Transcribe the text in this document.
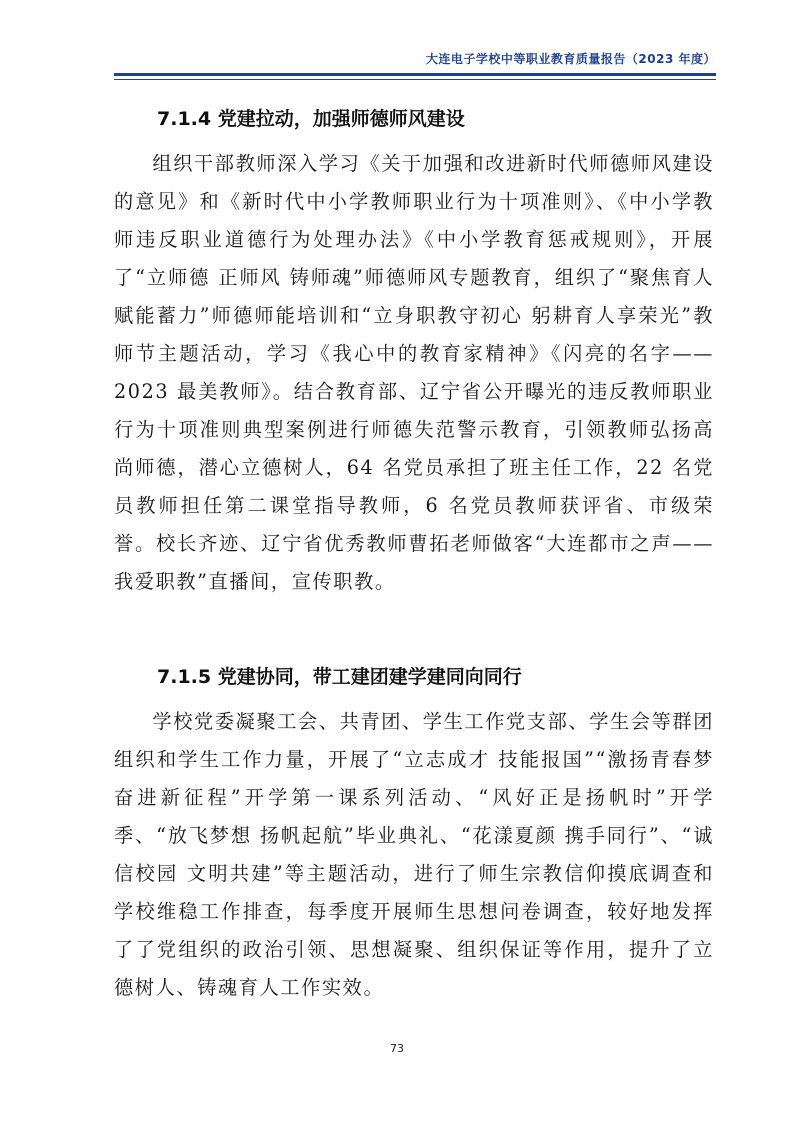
大连电子学校中等职业教育质量报告（2023 年度）
7.1.4 党建拉动，加强师德师风建设

组织干部教师深入学习《关于加强和改进新时代师德师风建设的意见》和《新时代中小学教师职业行为十项准则》、《中小学教师违反职业道德行为处理办法》《中小学教育惩戒规则》，开展了“立师德 正师风 铸师魂”师德师风专题教育，组织了“聚焦育人 赋能蓄力”师德师能培训和“立身职教守初心 躬耕育人享荣光”教师节主题活动，学习《我心中的教育家精神》《闪亮的名字——2023 最美教师》。结合教育部、辽宁省公开曝光的违反教师职业行为十项准则典型案例进行师德失范警示教育，引领教师弘扬高尚师德，潜心立德树人，64 名党员承担了班主任工作，22 名党员教师担任第二课堂指导教师，6 名党员教师获评省、市级荣誉。校长齐迹、辽宁省优秀教师曹拓老师做客“大连都市之声——我爱职教”直播间，宣传职教。

7.1.5 党建协同，带工建团建学建同向同行

学校党委凝聚工会、共青团、学生工作党支部、学生会等群团组织和学生工作力量，开展了“立志成才 技能报国”“激扬青春梦 奋进新征程”开学第一课系列活动、“风好正是扬帆时”开学季、“放飞梦想 扬帆起航”毕业典礼、“花漾夏颜 携手同行”、“诚信校园 文明共建”等主题活动，进行了师生宗教信仰摸底调查和学校维稳工作排查，每季度开展师生思想问卷调查，较好地发挥了了党组织的政治引领、思想凝聚、组织保证等作用，提升了立德树人、铸魂育人工作实效。

73
